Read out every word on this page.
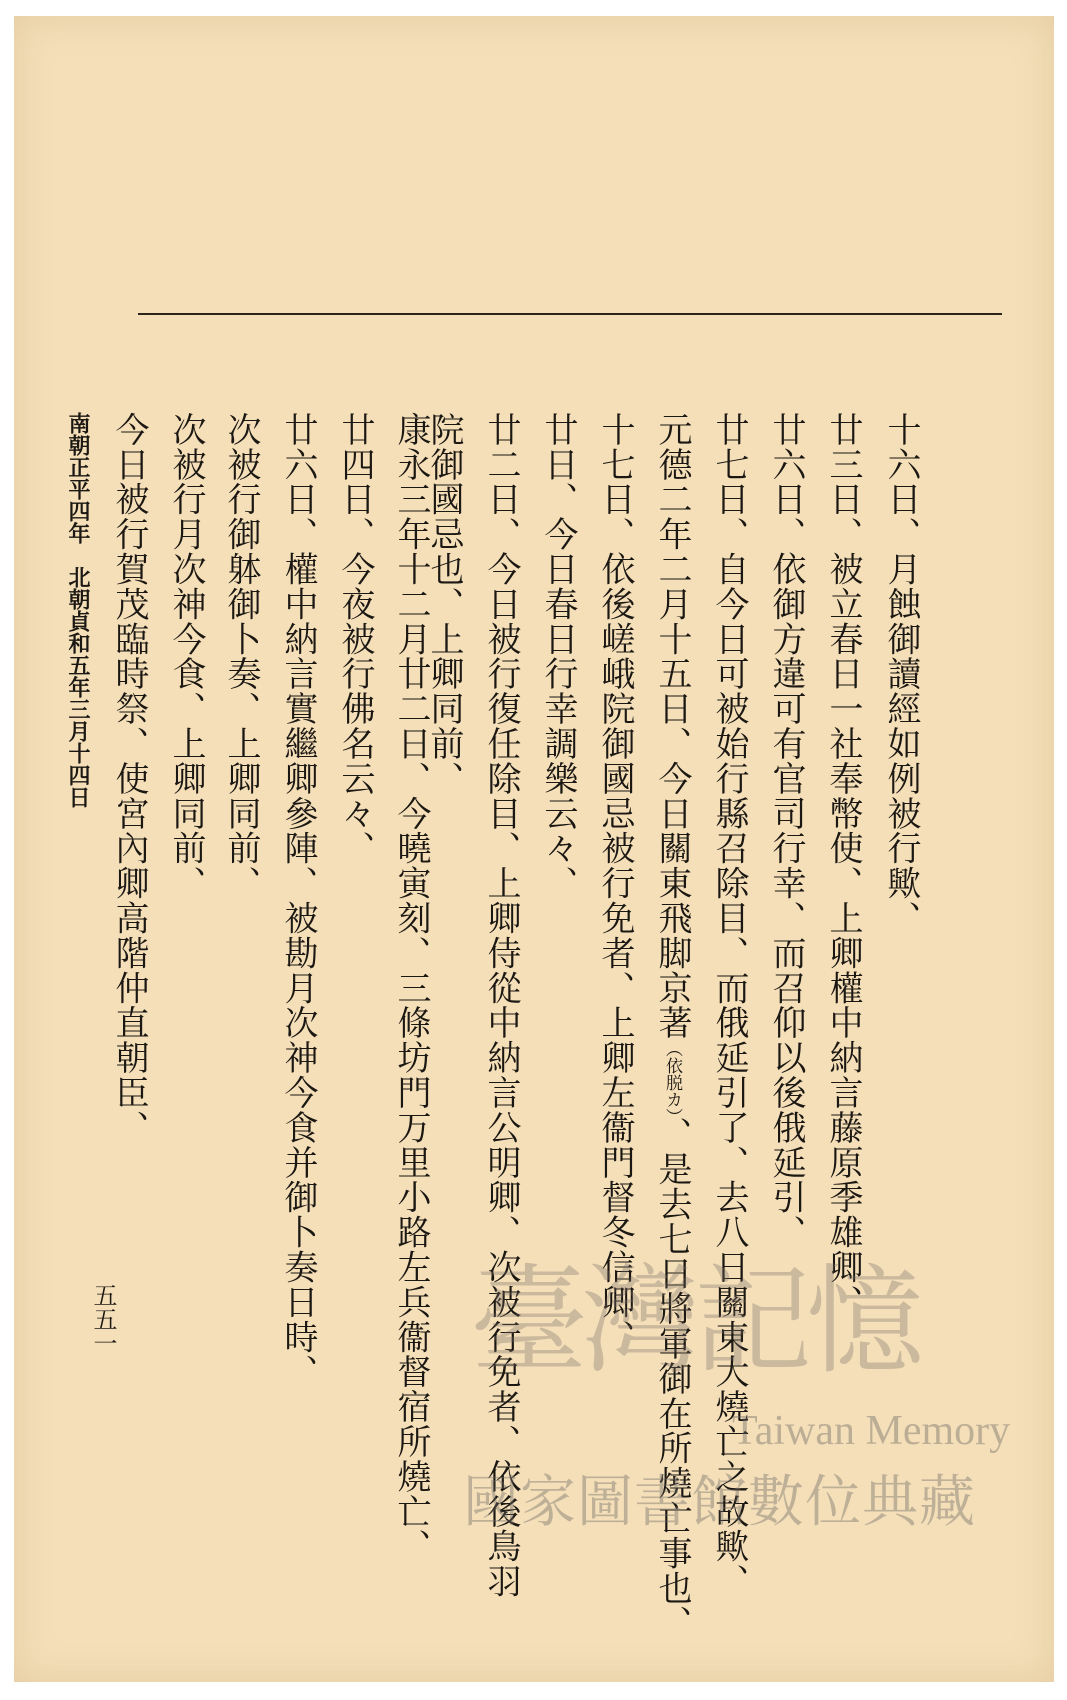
十六日、月蝕御讀經如例被行歟、
廿三日、被立春日一社奉幣使、上卿權中納言藤原季雄卿、
廿六日、依御方違可有官司行幸、而召仰以後俄延引、
廿七日、自今日可被始行縣召除目、而俄延引了、去八日關東大燒亡之故歟、
元德二年二月十五日、今日關東飛脚京著（依脱カ）、是去七日將軍御在所燒亡事也、
十七日、依後嵯峨院御國忌被行免者、上卿左衞門督冬信卿、
廿日、今日春日行幸調樂云々、
廿二日、今日被行復任除目、上卿侍從中納言公明卿、次被行免者、依後鳥羽
院御國忌也、上卿同前、
康永三年十二月廿二日、今曉寅刻、三條坊門万里小路左兵衞督宿所燒亡、
廿四日、今夜被行佛名云々、
廿六日、權中納言實繼卿參陣、被勘月次神今食并御卜奏日時、
次被行御躰御卜奏、上卿同前、
次被行月次神今食、上卿同前、
今日被行賀茂臨時祭、使宮內卿高階仲直朝臣、
南朝正平四年　北朝貞和五年三月十四日
五五一	臺灣記憶
Taiwan Memory
國家圖書館數位典藏
